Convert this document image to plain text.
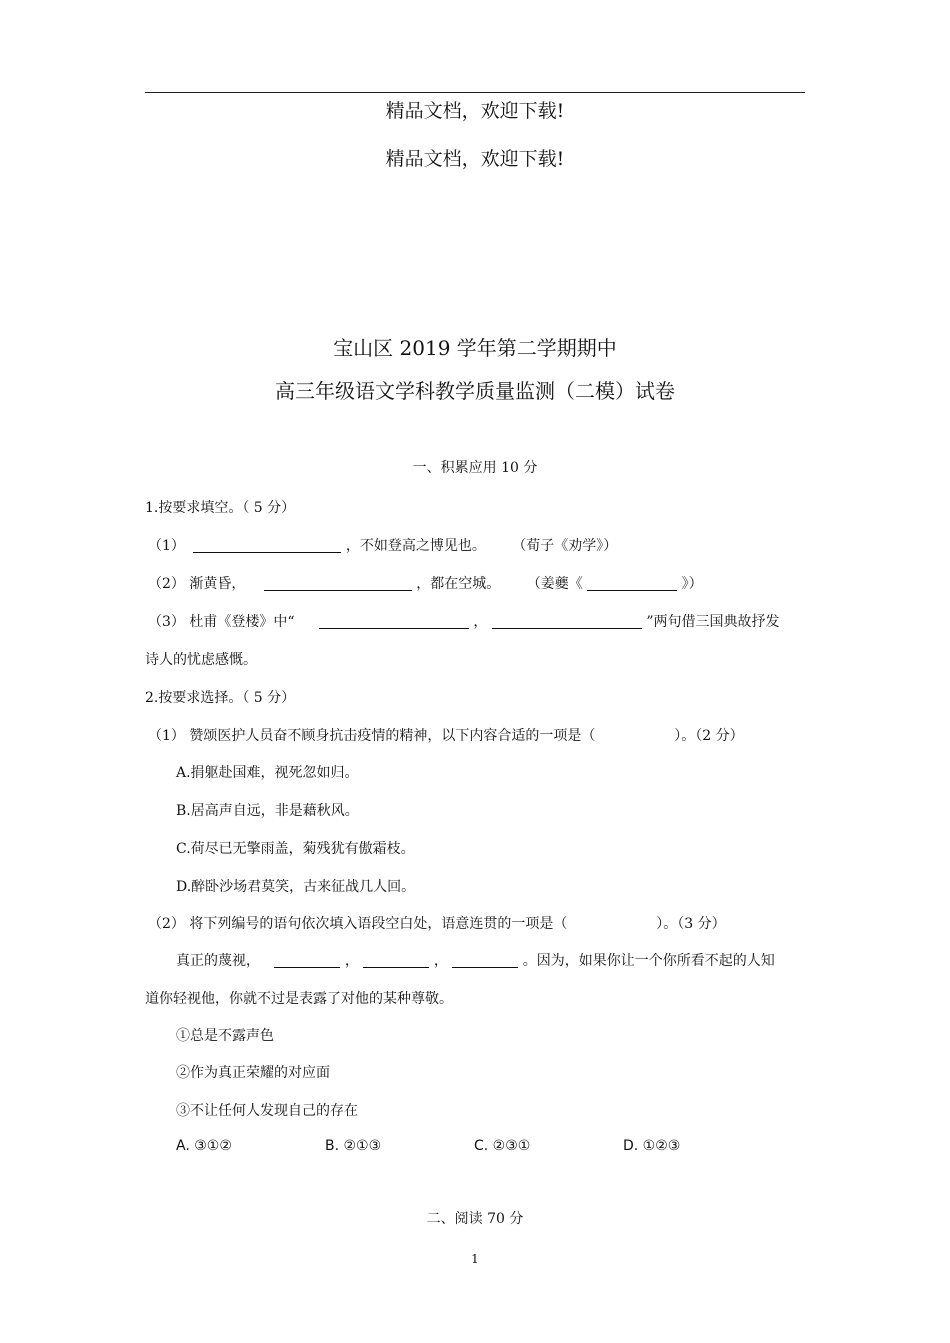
精品文档，欢迎下载!
精品文档，欢迎下载!
宝山区 2019 学年第二学期期中
高三年级语文学科教学质量监测（二模）试卷
一、积累应用 10 分
1.按要求填空。（ 5 分）
（1）	，不如登高之博见也。 （荀子《劝学》）
（2） 渐黄昏，	，都在空城。 （姜夔《	》）
（3） 杜甫《登楼》中“	，	”两句借三国典故抒发
诗人的忧虑感慨。
2.按要求选择。（ 5 分）
（1） 赞颂医护人员奋不顾身抗击疫情的精神，以下内容合适的一项是（	）。（2 分）
A.捐躯赴国难，视死忽如归。
B.居高声自远，非是藉秋风。
C.荷尽已无擎雨盖，菊残犹有傲霜枝。
D.醉卧沙场君莫笑，古来征战几人回。
（2） 将下列编号的语句依次填入语段空白处，语意连贯的一项是（	）。（3 分）
真正的蔑视，	，	，	。因为，如果你让一个你所看不起的人知
道你轻视他，你就不过是表露了对他的某种尊敬。
①总是不露声色
②作为真正荣耀的对应面
③不让任何人发现自己的存在
A. ③①②	B. ②①③	C. ②③①	D. ①②③
二、阅读 70 分
1
